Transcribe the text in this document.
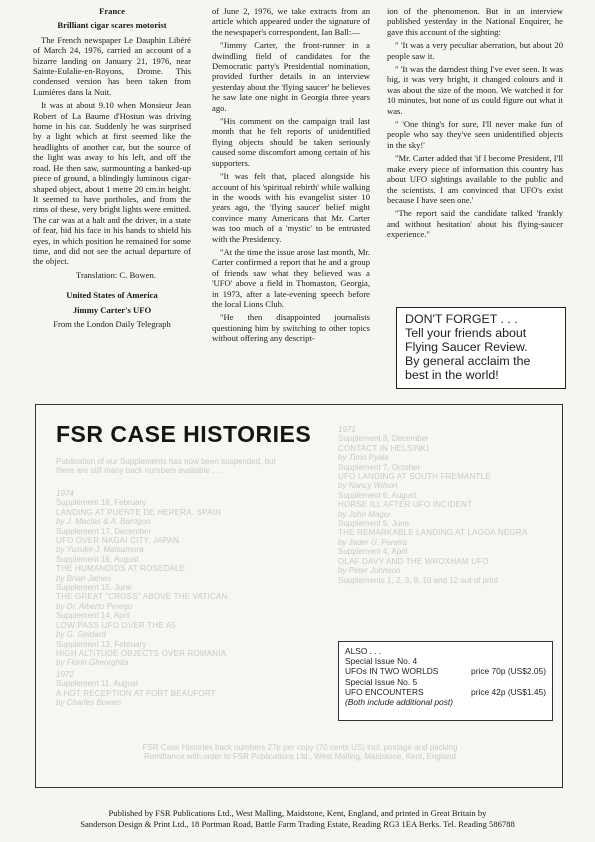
France
Brilliant cigar scares motorist

The French newspaper Le Dauphin Libéré of March 24, 1976, carried an account of a bizarre landing on January 21, 1976, near Sainte-Eulalie-en-Royons, Drome. This condensed version has been taken from Lumières dans la Nuit.

It was at about 9.10 when Monsieur Jean Robert of La Baume d'Hostun was driving home in his car. Suddenly he was surprised by a light which at first seemed like the headlights of another car, but the source of the light was away to his left, and off the road. He then saw, surmounting a banked-up piece of ground, a blindingly luminous cigar-shaped object, about 1 metre 20 cm.in height. It seemed to have portholes, and from the rims of these, very bright lights were emitted. The car was at a halt and the driver, in a state of fear, hid his face in his hands to shield his eyes, in which position he remained for some time, and did not see the actual departure of the object.

Translation: C. Bowen.

United States of America
Jimmy Carter's UFO

From the London Daily Telegraph

of June 2, 1976, we take extracts from an article which appeared under the signature of the newspaper's correspondent, Ian Ball:—

"Jimmy Carter, the front-runner in a dwindling field of candidates for the Democratic party's Presidential nomination, provided further details in an interview yesterday about the 'flying saucer' he believes he saw late one night in Georgia three years ago.

"His comment on the campaign trail last month that he felt reports of unidentified flying objects should be taken seriously caused some discomfort among certain of his supporters.

"It was felt that, placed alongside his account of his 'spiritual rebirth' while walking in the woods with his evangelist sister 10 years ago, the 'flying saucer' belief might convince many Americans that Mr. Carter was too much of a 'mystic' to be entrusted with the Presidency.

"At the time the issue arose last month, Mr. Carter confirmed a report that he and a group of friends saw what they believed was a 'UFO' above a field in Thomaston, Georgia, in 1973, after a late-evening speech before the local Lions Club.

"He then disappointed journalists questioning him by switching to other topics without offering any descript-

ion of the phenomenon. But in an interview published yesterday in the National Enquirer, he gave this account of the sighting:

" 'It was a very peculiar aberration, but about 20 people saw it.

" 'It was the darndest thing I've ever seen. It was big, it was very bright, it changed colours and it was about the size of the moon. We watched it for 10 minutes, but none of us could figure out what it was.

" 'One thing's for sure, I'll never make fun of people who say they've seen unidentified objects in the sky!'

"Mr. Carter added that 'if I become President, I'll make every piece of information this country has about UFO sightings available to the public and the scientists. I am convinced that UFO's exist because I have seen one.'

"The report said the candidate talked 'frankly and without hesitation' about his flying-saucer experience."

DON'T FORGET . . .
Tell your friends about
Flying Saucer Review.
By general acclaim the
best in the world!
FSR CASE HISTORIES
Publication of our Supplements has now been suspended, but there are still many back numbers available . . .
1974
Supplement 18, February
LANDING AT PUENTE DE HERERA, SPAIN
by J. Macías & A. Barrigon
Supplement 17, December
UFO OVER NAGAI CITY, JAPAN
by Yusuke J. Matsumura
Supplement 16, August
THE HUMANOIDS AT ROSEDALE
by Brian James
Supplement 15, June
THE GREAT "CROSS" ABOVE THE VATICAN
by Dr. Alberto Perego
Supplement 14, April
LOW-PASS UFO OVER THE A5
by G. Geldard
Supplement 13, February
HIGH ALTITUDE OBJECTS OVER ROMANIA
by Florin Gheorghita
1972
Supplement 11, August
A HOT RECEPTION AT FORT BEAUFORT
by Charles Bowen
1971
Supplement 8, December
CONTACT IN HELSINKI
by Timo Pyala
Supplement 7, October
UFO LANDING AT SOUTH FREMANTLE
by Nancy Wilson
Supplement 6, August
HORSE ILL AFTER UFO INCIDENT
by John Magor
Supplement 5, June
THE REMARKABLE LANDING AT LAGOA NEGRA
by Jader U. Pereira
Supplement 4, April
OLAF DAVY AND THE WROXHAM UFO
by Peter Johnson
Supplements 1, 2, 3, 9, 10 and 12 out of print
ALSO . . .
Special Issue No. 4
UFOs IN TWO WORLDS	price 70p (US$2.05)
Special Issue No. 5
UFO ENCOUNTERS	price 42p (US$1.45)
(Both include additional post)
FSR Case Histories back numbers 27p per copy (70 cents US) incl. postage and packing
Remittance with order to FSR Publications Ltd., West Malling, Maidstone, Kent, England
Published by FSR Publications Ltd., West Malling, Maidstone, Kent, England, and printed in Great Britain by
Sanderson Design & Print Ltd., 18 Portman Road, Battle Farm Trading Estate, Reading RG3 1EA Berks. Tel. Reading 586788
